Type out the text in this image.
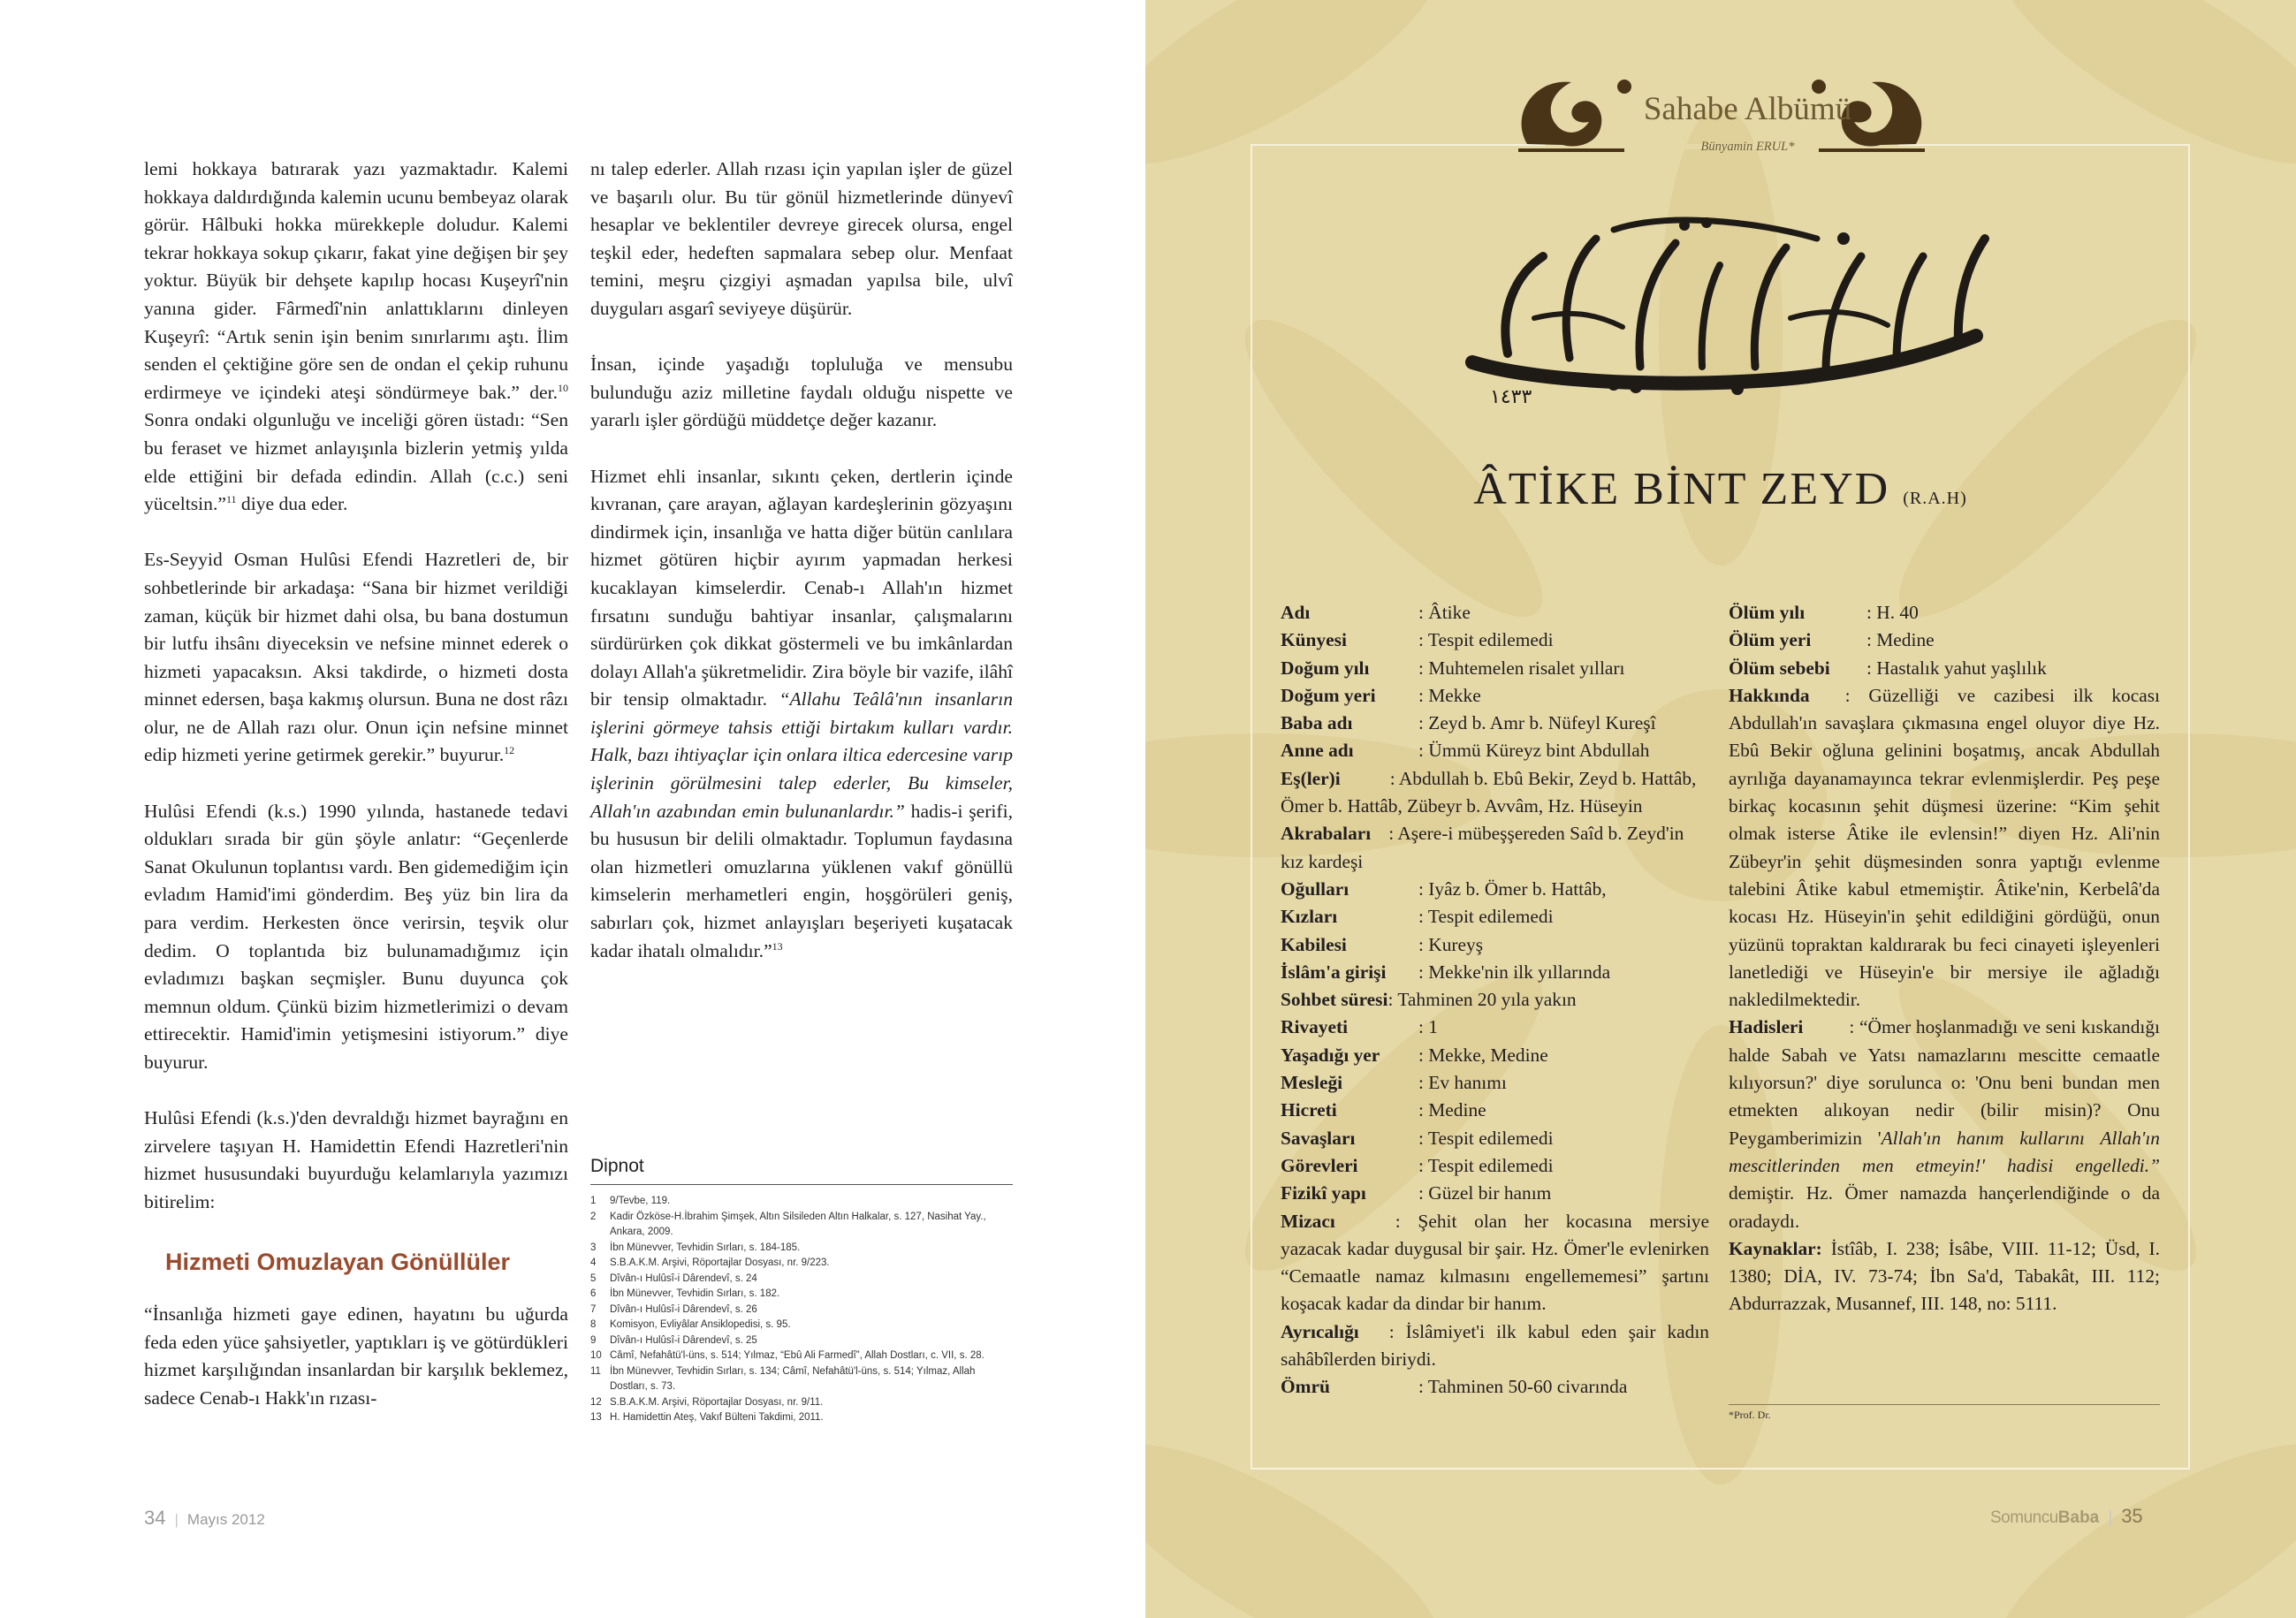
lemi hokkaya batırarak yazı yazmaktadır. Kalemi hokkaya daldırdığında kalemin ucunu bembeyaz olarak görür. Hâlbuki hokka mürekkeple doludur. Kalemi tekrar hokkaya sokup çıkarır, fakat yine değişen bir şey yoktur. Büyük bir dehşete kapılıp hocası Kuşeyrî'nin yanına gider. Fârmedî'nin anlattıklarını dinleyen Kuşeyrî: “Artık senin işin benim sınırlarımı aştı. İlim senden el çektiğine göre sen de ondan el çekip ruhunu erdirmeye ve içindeki ateşi söndürmeye bak.” der.$^{10}$ Sonra ondaki olgunluğu ve inceliği gören üstadı: “Sen bu feraset ve hizmet anlayışınla bizlerin yetmiş yılda elde ettiğini bir defada edindin. Allah (c.c.) seni yüceltsin.”$^{11}$ diye dua eder.

Es-Seyyid Osman Hulûsi Efendi Hazretleri de, bir sohbetlerinde bir arkadaşa: “Sana bir hizmet verildiği zaman, küçük bir hizmet dahi olsa, bu bana dostumun bir lutfu ihsânı diyeceksin ve nefsine minnet ederek o hizmeti yapacaksın. Aksi takdirde, o hizmeti dosta minnet edersen, başa kakmış olursun. Buna ne dost râzı olur, ne de Allah razı olur. Onun için nefsine minnet edip hizmeti yerine getirmek gerekir.” buyurur.$^{12}$

Hulûsi Efendi (k.s.) 1990 yılında, hastanede tedavi oldukları sırada bir gün şöyle anlatır: “Geçenlerde Sanat Okulunun toplantısı vardı. Ben gidemediğim için evladım Hamid'imi gönderdim. Beş yüz bin lira da para verdim. Herkesten önce verirsin, teşvik olur dedim. O toplantıda biz bulunamadığımız için evladımızı başkan seçmişler. Bunu duyunca çok memnun oldum. Çünkü bizim hizmetlerimizi o devam ettirecektir. Hamid'imin yetişmesini istiyorum.” diye buyurur.

Hulûsi Efendi (k.s.)'den devraldığı hizmet bayrağını en zirvelere taşıyan H. Hamidettin Efendi Hazretleri'nin hizmet hususundaki buyurduğu kelamlarıyla yazımızı bitirelim:

Hizmeti Omuzlayan Gönüllüler

“İnsanlığa hizmeti gaye edinen, hayatını bu uğurda feda eden yüce şahsiyetler, yaptıkları iş ve götürdükleri hizmet karşılığından insanlardan bir karşılık beklemez, sadece Cenab-ı Hakk'ın rızası-

nı talep ederler. Allah rızası için yapılan işler de güzel ve başarılı olur. Bu tür gönül hizmetlerinde dünyevî hesaplar ve beklentiler devreye girecek olursa, engel teşkil eder, hedeften sapmalara sebep olur. Menfaat temini, meşru çizgiyi aşmadan yapılsa bile, ulvî duyguları asgarî seviyeye düşürür.

İnsan, içinde yaşadığı topluluğa ve mensubu bulunduğu aziz milletine faydalı olduğu nispette ve yararlı işler gördüğü müddetçe değer kazanır.

Hizmet ehli insanlar, sıkıntı çeken, dertlerin içinde kıvranan, çare arayan, ağlayan kardeşlerinin gözyaşını dindirmek için, insanlığa ve hatta diğer bütün canlılara hizmet götüren hiçbir ayırım yapmadan herkesi kucaklayan kimselerdir. Cenab-ı Allah'ın hizmet fırsatını sunduğu bahtiyar insanlar, çalışmalarını sürdürürken çok dikkat göstermeli ve bu imkânlardan dolayı Allah'a şükretmelidir. Zira böyle bir vazife, ilâhî bir tensip olmaktadır. “Allahu Teâlâ'nın insanların işlerini görmeye tahsis ettiği birtakım kulları vardır. Halk, bazı ihtiyaçlar için onlara iltica edercesine varıp işlerinin görülmesini talep ederler, Bu kimseler, Allah'ın azabından emin bulunanlardır.” hadis-i şerifi, bu hususun bir delili olmaktadır. Toplumun faydasına olan hizmetleri omuzlarına yüklenen vakıf gönüllü kimselerin merhametleri engin, hoşgörüleri geniş, sabırları çok, hizmet anlayışları beşeriyeti kuşatacak kadar ihatalı olmalıdır.”$^{13}$

Dipnot
1	9/Tevbe, 119.
2	Kadir Özköse-H.İbrahim Şimşek, Altın Silsileden Altın Halkalar, s. 127, Nasihat Yay., Ankara, 2009.
3	İbn Münevver, Tevhidin Sırları, s. 184-185.
4	S.B.A.K.M. Arşivi, Röportajlar Dosyası, nr. 9/223.
5	Dîvân-ı Hulûsî-i Dârendevî, s. 24
6	İbn Münevver, Tevhidin Sırları, s. 182.
7	Dîvân-ı Hulûsî-i Dârendevî, s. 26
8	Komisyon, Evliyâlar Ansiklopedisi, s. 95.
9	Dîvân-ı Hulûsî-i Dârendevî, s. 25
10 Câmî, Nefahâtü'l-üns, s. 514; Yılmaz, “Ebû Ali Farmedî”, Allah Dostları, c. VII, s. 28.
11 İbn Münevver, Tevhidin Sırları, s. 134; Câmî, Nefahâtü'l-üns, s. 514; Yılmaz, Allah Dostları, s. 73.
12 S.B.A.K.M. Arşivi, Röportajlar Dosyası, nr. 9/11.
13 H. Hamidettin Ateş, Vakıf Bülteni Takdimi, 2011.
34 | Mayıs 2012
Sahabe Albümü
Bünyamin ERUL*
١٤٣٣
ÂTİKE BİNT ZEYD (R.A.H)
Adı	: Âtike
Künyesi	: Tespit edilemedi
Doğum yılı	: Muhtemelen risalet yılları
Doğum yeri	: Mekke
Baba adı	: Zeyd b. Amr b. Nüfeyl Kureşî
Anne adı	: Ümmü Küreyz bint Abdullah
Eş(ler)i	: Abdullah b. Ebû Bekir, Zeyd b. Hattâb, Ömer b. Hattâb, Zübeyr b. Avvâm, Hz. Hüseyin
Akrabaları : Aşere-i mübeşşereden Saîd b. Zeyd'in kız kardeşi
Oğulları	: Iyâz b. Ömer b. Hattâb,
Kızları	: Tespit edilemedi
Kabilesi	: Kureyş
İslâm'a girişi	: Mekke'nin ilk yıllarında
Sohbet süresi: Tahminen 20 yıla yakın
Rivayeti	: 1
Yaşadığı yer	: Mekke, Medine
Mesleği	: Ev hanımı
Hicreti	: Medine
Savaşları	: Tespit edilemedi
Görevleri	: Tespit edilemedi
Fizikî yapı	: Güzel bir hanım
Mizacı	: Şehit olan her kocasına mersiye yazacak kadar duygusal bir şair. Hz. Ömer'le evlenirken “Cemaatle namaz kılmasını engellememesi” şartını koşacak kadar da dindar bir hanım.
Ayrıcalığı : İslâmiyet'i ilk kabul eden şair kadın sahâbîlerden biriydi.
Ömrü	: Tahminen 50-60 civarında
Ölüm yılı	: H. 40
Ölüm yeri	: Medine
Ölüm sebebi	: Hastalık yahut yaşlılık
Hakkında : Güzelliği ve cazibesi ilk kocası Abdullah'ın savaşlara çıkmasına engel oluyor diye Hz. Ebû Bekir oğluna gelinini boşatmış, ancak Abdullah ayrılığa dayanamayınca tekrar evlenmişlerdir. Peş peşe birkaç kocasının şehit düşmesi üzerine: “Kim şehit olmak isterse Âtike ile evlensin!” diyen Hz. Ali'nin Zübeyr'in şehit düşmesinden sonra yaptığı evlenme talebini Âtike kabul etmemiştir. Âtike'nin, Kerbelâ'da kocası Hz. Hüseyin'in şehit edildiğini gördüğü, onun yüzünü topraktan kaldırarak bu feci cinayeti işleyenleri lanetlediği ve Hüseyin'e bir mersiye ile ağladığı nakledilmektedir.
Hadisleri : “Ömer hoşlanmadığı ve seni kıskandığı halde Sabah ve Yatsı namazlarını mescitte cemaatle kılıyorsun?' diye sorulunca o: 'Onu beni bundan men etmekten alıkoyan nedir (bilir misin)? Onu Peygamberimizin 'Allah'ın hanım kullarını Allah'ın mescitlerinden men etmeyin!' hadisi engelledi.” demiştir. Hz. Ömer namazda hançerlendiğinde o da oradaydı.
Kaynaklar: İstîâb, I. 238; İsâbe, VIII. 11-12; Üsd, I. 1380; DİA, IV. 73-74; İbn Sa'd, Tabakât, III. 112; Abdurrazzak, Musannef, III. 148, no: 5111.
*Prof. Dr.
SomuncuBaba | 35
